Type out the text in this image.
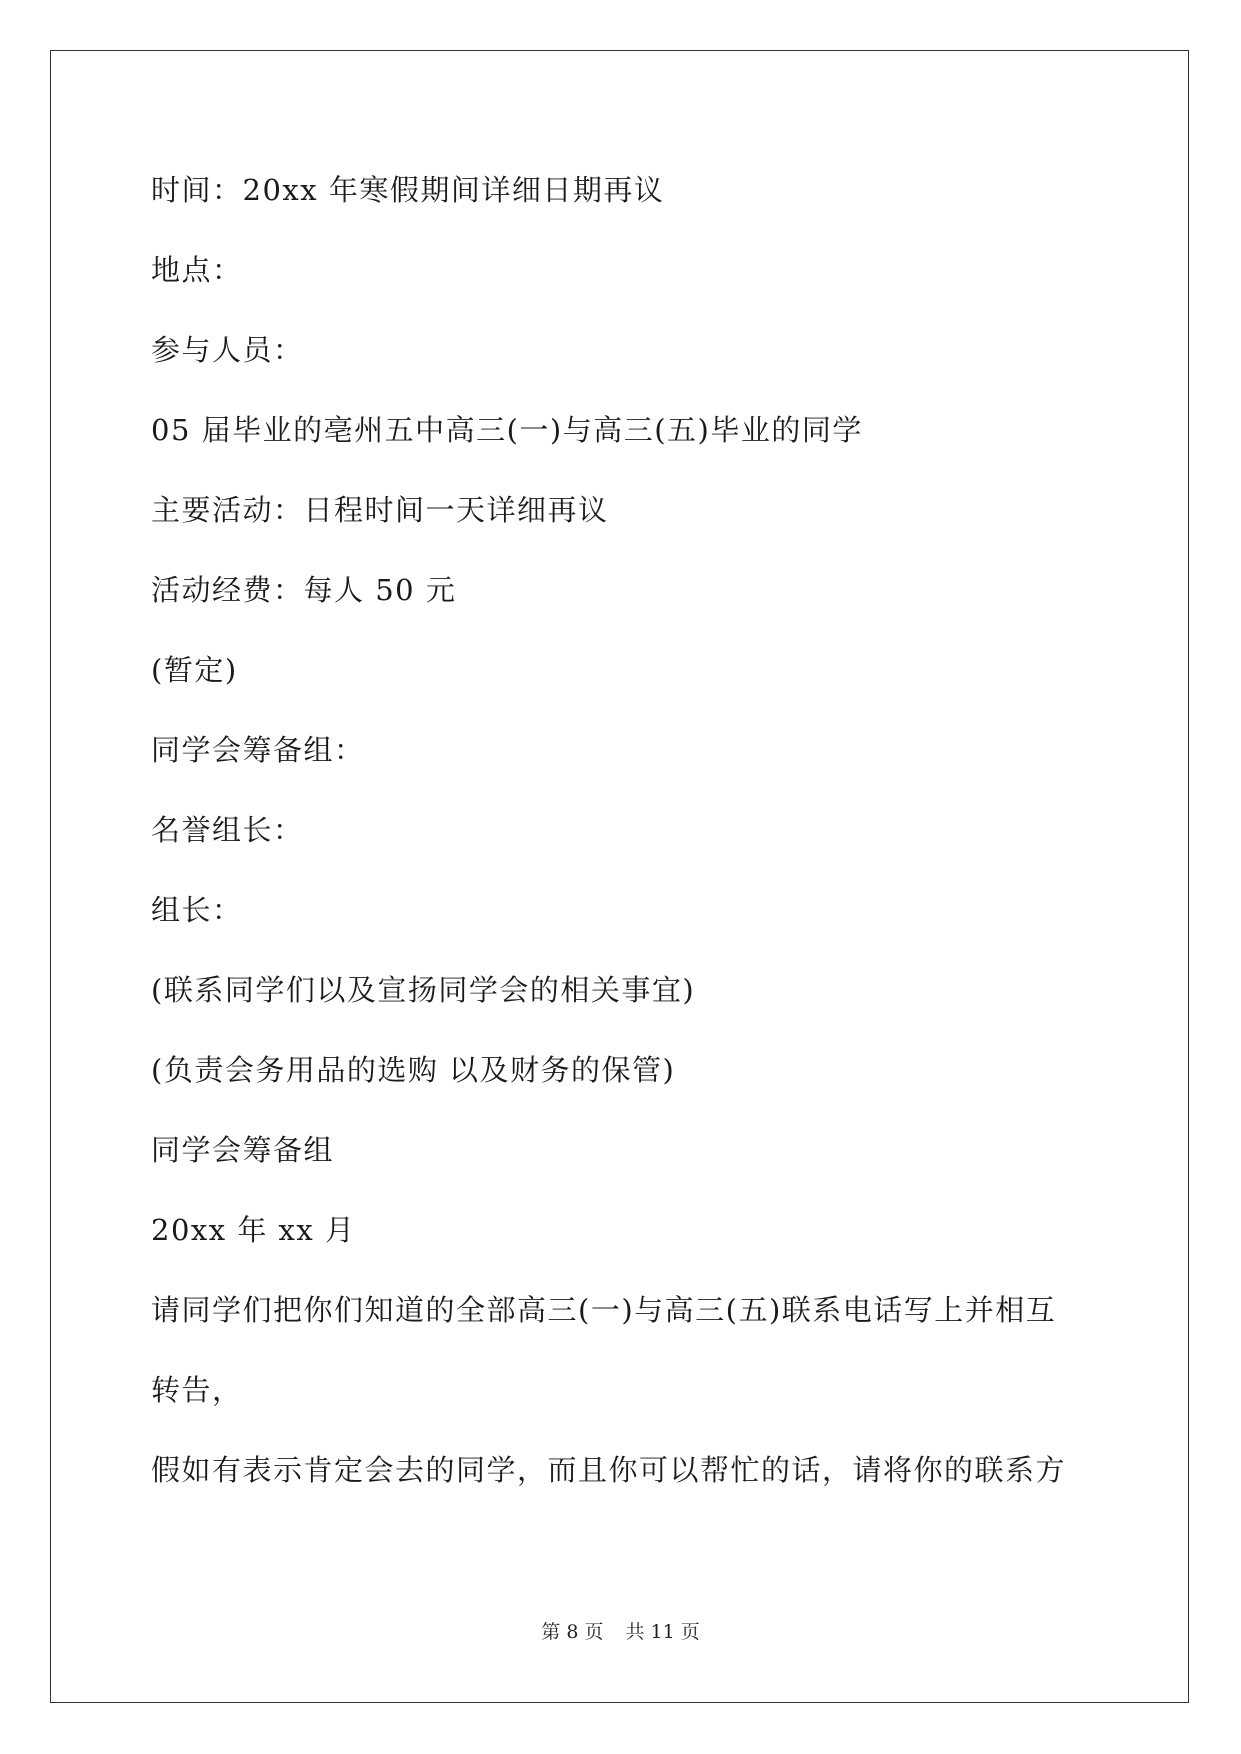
时间：20xx 年寒假期间详细日期再议
地点：
参与人员：
05 届毕业的亳州五中高三(一)与高三(五)毕业的同学
主要活动：日程时间一天详细再议
活动经费：每人 50 元
(暂定)
同学会筹备组：
名誉组长：
组长：
(联系同学们以及宣扬同学会的相关事宜)
(负责会务用品的选购 以及财务的保管)
同学会筹备组
20xx 年 xx 月
请同学们把你们知道的全部高三(一)与高三(五)联系电话写上并相互
转告，
假如有表示肯定会去的同学，而且你可以帮忙的话，请将你的联系方
第 8 页 共 11 页
